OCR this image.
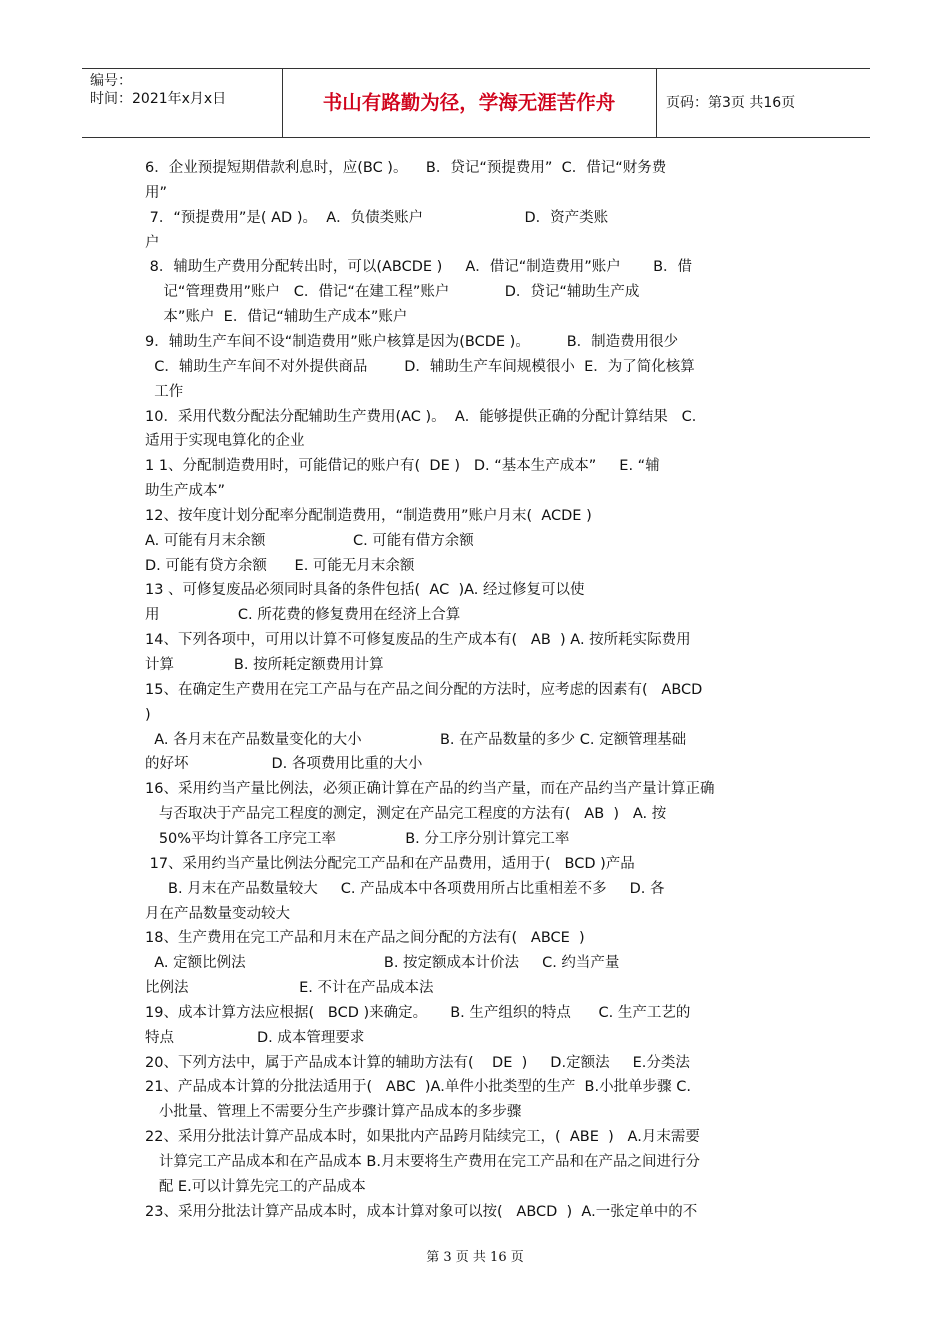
编号：
时间：2021年x月x日	书山有路勤为径，学海无涯苦作舟	页码：第3页 共16页
6．企业预提短期借款利息时，应(BC )。    B．贷记“预提费用”  C．借记“财务费
用”
7．“预提费用”是( AD )。  A．负债类账户                      D．资产类账
户
8．辅助生产费用分配转出时，可以(ABCDE )     A．借记“制造费用”账户       B．借
记“管理费用”账户   C．借记“在建工程”账户            D．贷记“辅助生产成
本”账户  E．借记“辅助生产成本”账户
9．辅助生产车间不设“制造费用”账户核算是因为(BCDE )。        B．制造费用很少
C．辅助生产车间不对外提供商品        D．辅助生产车间规模很小  E．为了简化核算
工作
10．采用代数分配法分配辅助生产费用(AC )。  A．能够提供正确的分配计算结果   C．
适用于实现电算化的企业
1 1、分配制造费用时，可能借记的账户有(  DE )   D. “基本生产成本”     E. “辅
助生产成本”
12、按年度计划分配率分配制造费用，“制造费用”账户月末(  ACDE )
A. 可能有月末余额                   C. 可能有借方余额
D. 可能有贷方余额      E. 可能无月末余额
13 、可修复废品必须同时具备的条件包括(  AC  )A. 经过修复可以使
用                 C. 所花费的修复费用在经济上合算
14、下列各项中，可用以计算不可修复废品的生产成本有(   AB  ) A. 按所耗实际费用
计算             B. 按所耗定额费用计算
15、在确定生产费用在完工产品与在产品之间分配的方法时，应考虑的因素有(   ABCD
)
A. 各月末在产品数量变化的大小                 B. 在产品数量的多少 C. 定额管理基础
的好坏                  D. 各项费用比重的大小
16、采用约当产量比例法，必须正确计算在产品的约当产量，而在产品约当产量计算正确
与否取决于产品完工程度的测定，测定在产品完工程度的方法有(   AB  )   A. 按
50%平均计算各工序完工率               B. 分工序分别计算完工率
17、采用约当产量比例法分配完工产品和在产品费用，适用于(   BCD )产品
B. 月末在产品数量较大     C. 产品成本中各项费用所占比重相差不多     D. 各
月在产品数量变动较大
18、生产费用在完工产品和月末在产品之间分配的方法有(   ABCE  )
A. 定额比例法                              B. 按定额成本计价法     C. 约当产量
比例法                        E. 不计在产品成本法
19、成本计算方法应根据(   BCD )来确定。     B. 生产组织的特点      C. 生产工艺的
特点                  D. 成本管理要求
20、下列方法中，属于产品成本计算的辅助方法有(    DE  )     D.定额法     E.分类法
21、产品成本计算的分批法适用于(   ABC  )A.单件小批类型的生产  B.小批单步骤 C.
小批量、管理上不需要分生产步骤计算产品成本的多步骤
22、采用分批法计算产品成本时，如果批内产品跨月陆续完工，(  ABE  )   A.月末需要
计算完工产品成本和在产品成本 B.月末要将生产费用在完工产品和在产品之间进行分
配 E.可以计算先完工的产品成本
23、采用分批法计算产品成本时，成本计算对象可以按(   ABCD  )  A.一张定单中的不
第 3 页 共 16 页
